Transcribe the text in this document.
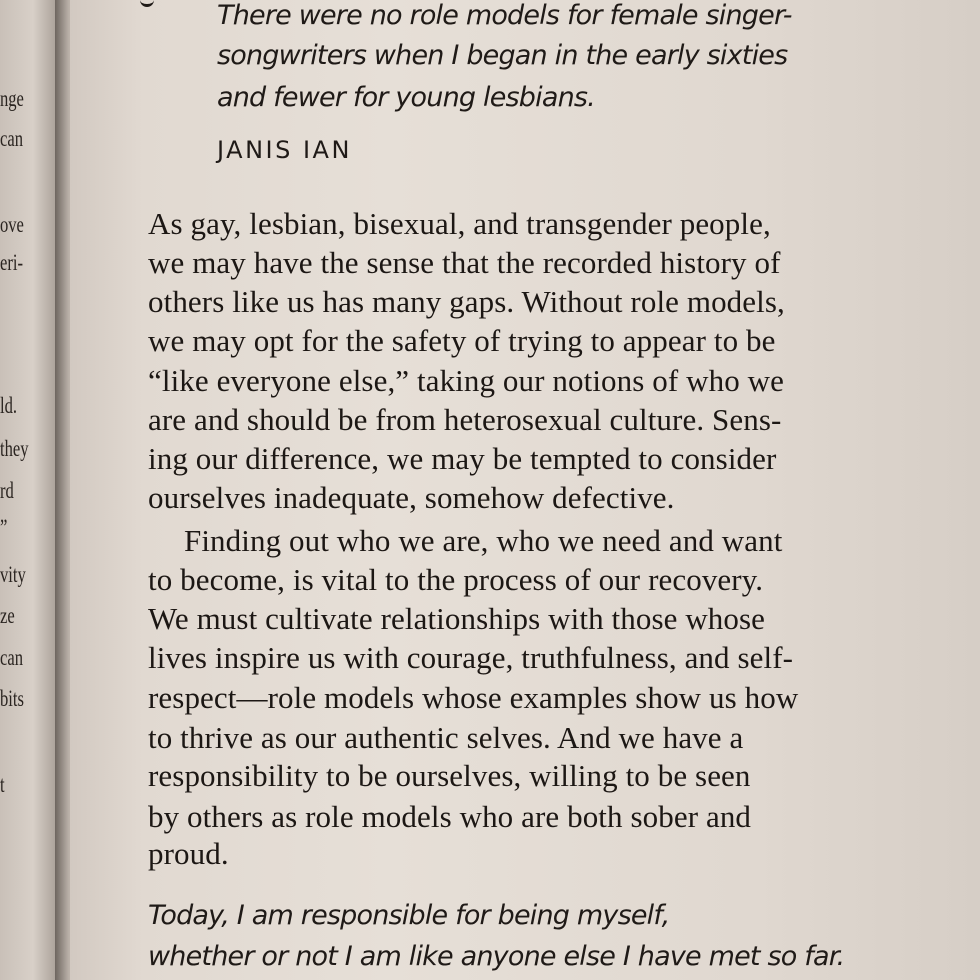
nge
can
ove
eri-
ld.
they
rd
”
vity
ze
can
bits
t
There were no role models for female singer-
songwriters when I began in the early sixties
and fewer for young lesbians.
JANIS IAN
As gay, lesbian, bisexual, and transgender people,
we may have the sense that the recorded history of
others like us has many gaps. Without role models,
we may opt for the safety of trying to appear to be
“like everyone else,” taking our notions of who we
are and should be from heterosexual culture. Sens-
ing our difference, we may be tempted to consider
ourselves inadequate, somehow defective.
Finding out who we are, who we need and want
to become, is vital to the process of our recovery.
We must cultivate relationships with those whose
lives inspire us with courage, truthfulness, and self-
respect—role models whose examples show us how
to thrive as our authentic selves. And we have a
responsibility to be ourselves, willing to be seen
by others as role models who are both sober and
proud.
Today, I am responsible for being myself,
whether or not I am like anyone else I have met so far.
